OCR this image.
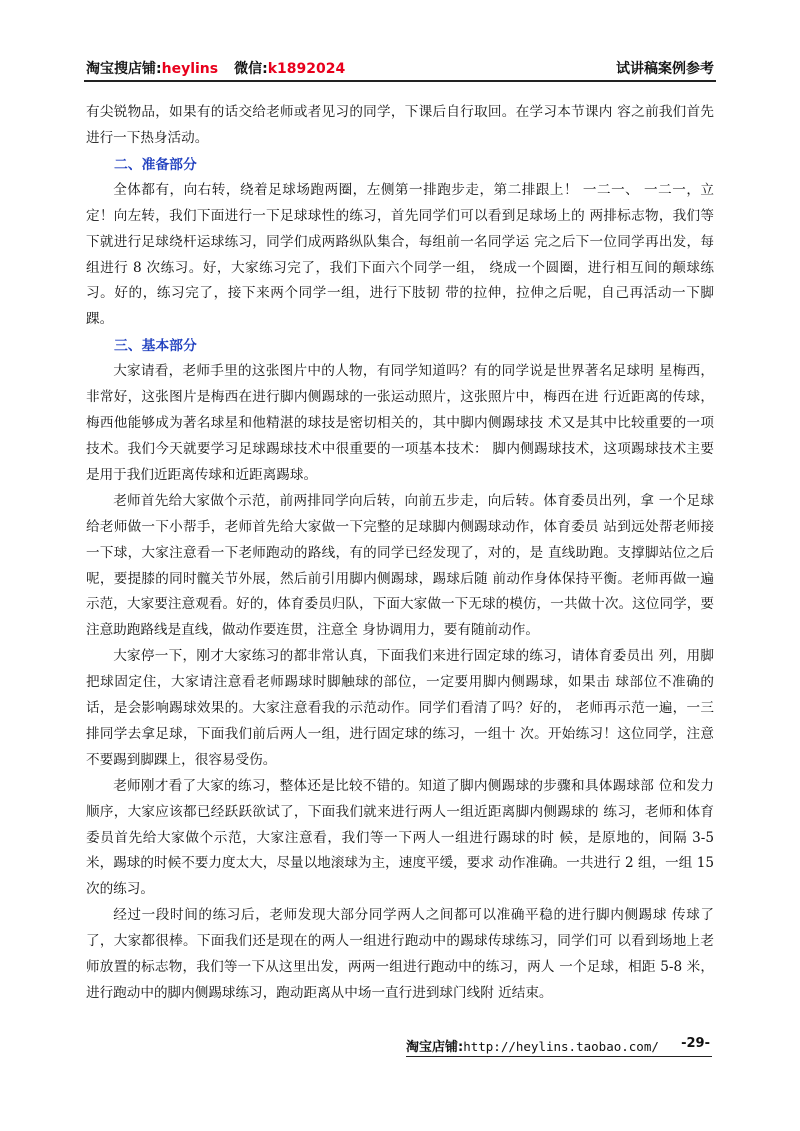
淘宝搜店铺:heylins 微信:k1892024	试讲稿案例参考

有尖锐物品，如果有的话交给老师或者见习的同学，下课后自行取回。在学习本节课内 容之前我们首先进行一下热身活动。

二、准备部分

全体都有，向右转，绕着足球场跑两圈，左侧第一排跑步走，第二排跟上！ 一二一、 一二一，立定！向左转，我们下面进行一下足球球性的练习，首先同学们可以看到足球场上的 两排标志物，我们等下就进行足球绕杆运球练习，同学们成两路纵队集合，每组前一名同学运 完之后下一位同学再出发，每组进行 8 次练习。好，大家练习完了，我们下面六个同学一组， 绕成一个圆圈，进行相互间的颠球练习。好的，练习完了，接下来两个同学一组，进行下肢韧 带的拉伸，拉伸之后呢，自己再活动一下脚踝。

三、基本部分

大家请看，老师手里的这张图片中的人物，有同学知道吗？有的同学说是世界著名足球明 星梅西，非常好，这张图片是梅西在进行脚内侧踢球的一张运动照片，这张照片中，梅西在进 行近距离的传球，梅西他能够成为著名球星和他精湛的球技是密切相关的，其中脚内侧踢球技 术又是其中比较重要的一项技术。我们今天就要学习足球踢球技术中很重要的一项基本技术： 脚内侧踢球技术，这项踢球技术主要是用于我们近距离传球和近距离踢球。

老师首先给大家做个示范，前两排同学向后转，向前五步走，向后转。体育委员出列，拿 一个足球给老师做一下小帮手，老师首先给大家做一下完整的足球脚内侧踢球动作，体育委员 站到远处帮老师接一下球，大家注意看一下老师跑动的路线，有的同学已经发现了，对的，是 直线助跑。支撑脚站位之后呢，要提膝的同时髋关节外展，然后前引用脚内侧踢球，踢球后随 前动作身体保持平衡。老师再做一遍示范，大家要注意观看。好的，体育委员归队，下面大家做一下无球的模仿，一共做十次。这位同学，要注意助跑路线是直线，做动作要连贯，注意全 身协调用力，要有随前动作。

大家停一下，刚才大家练习的都非常认真，下面我们来进行固定球的练习，请体育委员出 列，用脚把球固定住，大家请注意看老师踢球时脚触球的部位，一定要用脚内侧踢球，如果击 球部位不准确的话，是会影响踢球效果的。大家注意看我的示范动作。同学们看清了吗？好的， 老师再示范一遍，一三排同学去拿足球，下面我们前后两人一组，进行固定球的练习，一组十 次。开始练习！这位同学，注意不要踢到脚踝上，很容易受伤。

老师刚才看了大家的练习，整体还是比较不错的。知道了脚内侧踢球的步骤和具体踢球部 位和发力顺序，大家应该都已经跃跃欲试了，下面我们就来进行两人一组近距离脚内侧踢球的 练习，老师和体育委员首先给大家做个示范，大家注意看，我们等一下两人一组进行踢球的时 候，是原地的，间隔 3-5 米，踢球的时候不要力度太大，尽量以地滚球为主，速度平缓，要求 动作准确。一共进行 2 组，一组 15 次的练习。

经过一段时间的练习后，老师发现大部分同学两人之间都可以准确平稳的进行脚内侧踢球 传球了了，大家都很棒。下面我们还是现在的两人一组进行跑动中的踢球传球练习，同学们可 以看到场地上老师放置的标志物，我们等一下从这里出发，两两一组进行跑动中的练习，两人 一个足球，相距 5-8 米，进行跑动中的脚内侧踢球练习，跑动距离从中场一直行进到球门线附 近结束。

淘宝店铺:http://heylins.taobao.com/ -29-
